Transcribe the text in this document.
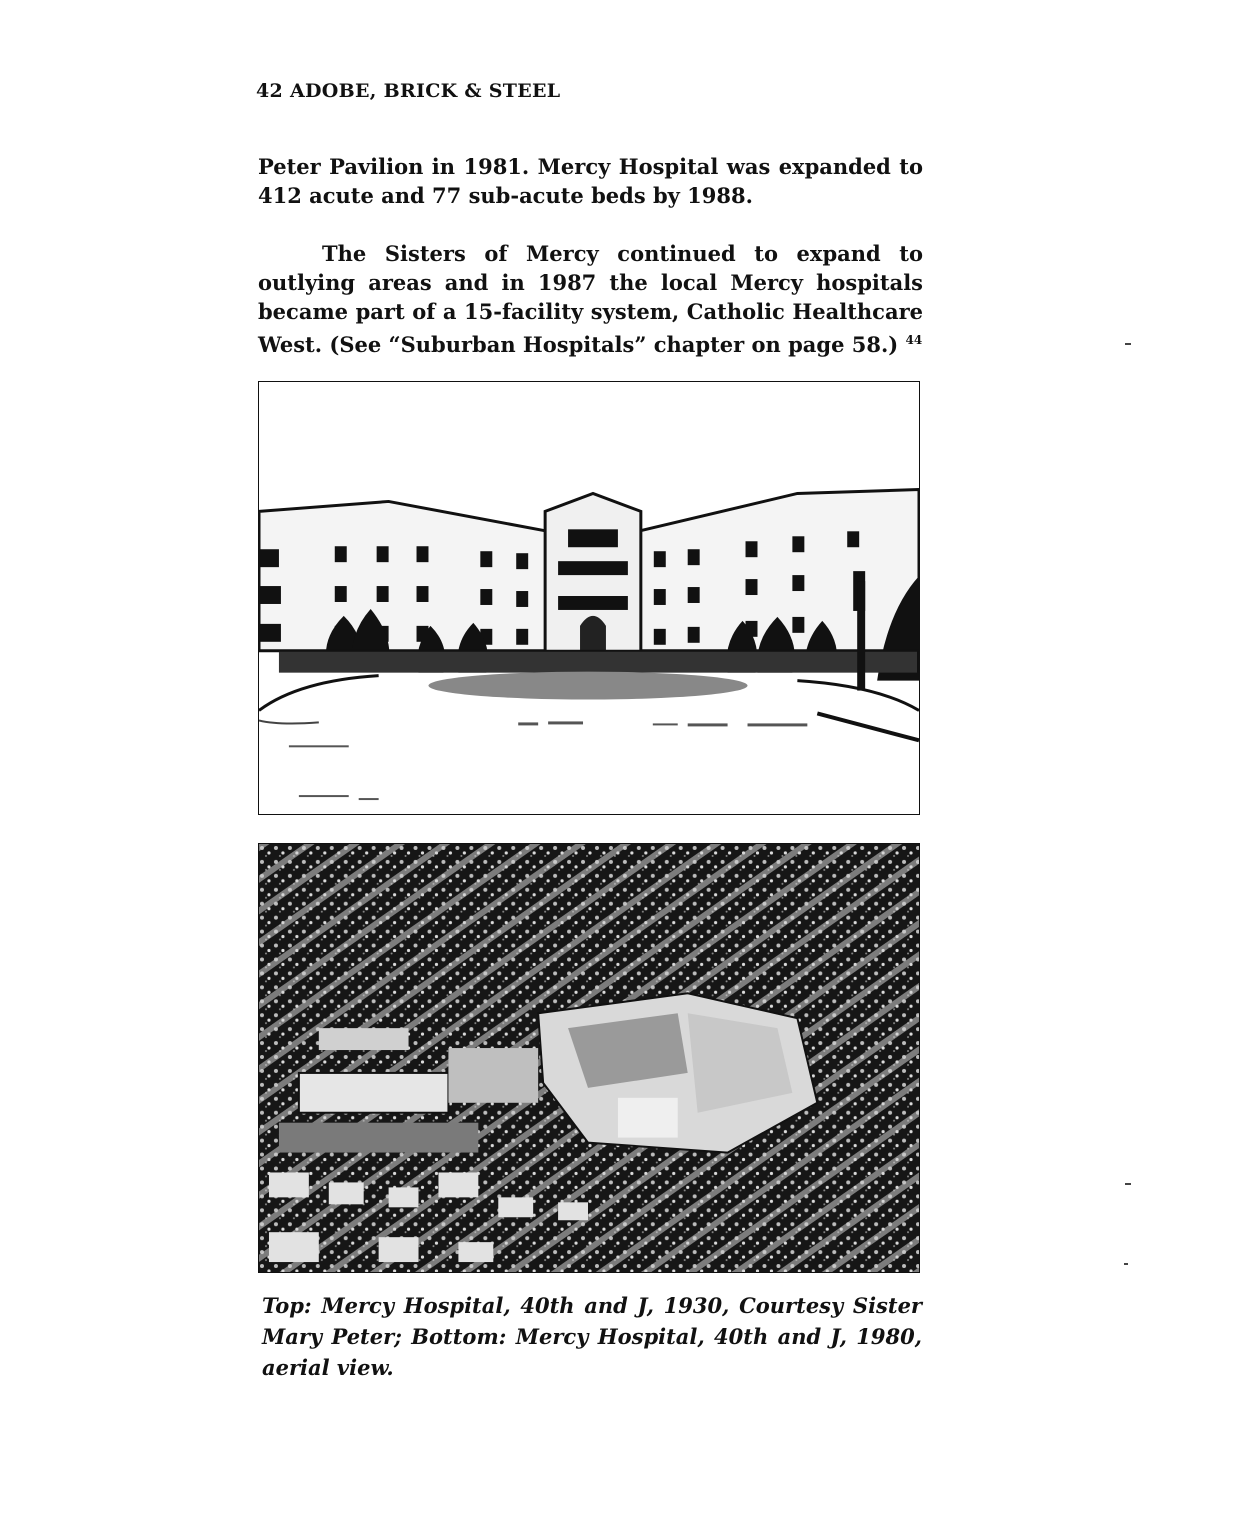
42 ADOBE, BRICK & STEEL

Peter Pavilion in 1981. Mercy Hospital was expanded to 412 acute and 77 sub-acute beds by 1988.

The Sisters of Mercy continued to expand to outlying areas and in 1987 the local Mercy hospitals became part of a 15-facility system, Catholic Healthcare West. (See “Suburban Hospitals” chapter on page 58.) $^{44}$

Top: Mercy Hospital, 40th and J, 1930, Courtesy Sister Mary Peter; Bottom: Mercy Hospital, 40th and J, 1980, aerial view.
